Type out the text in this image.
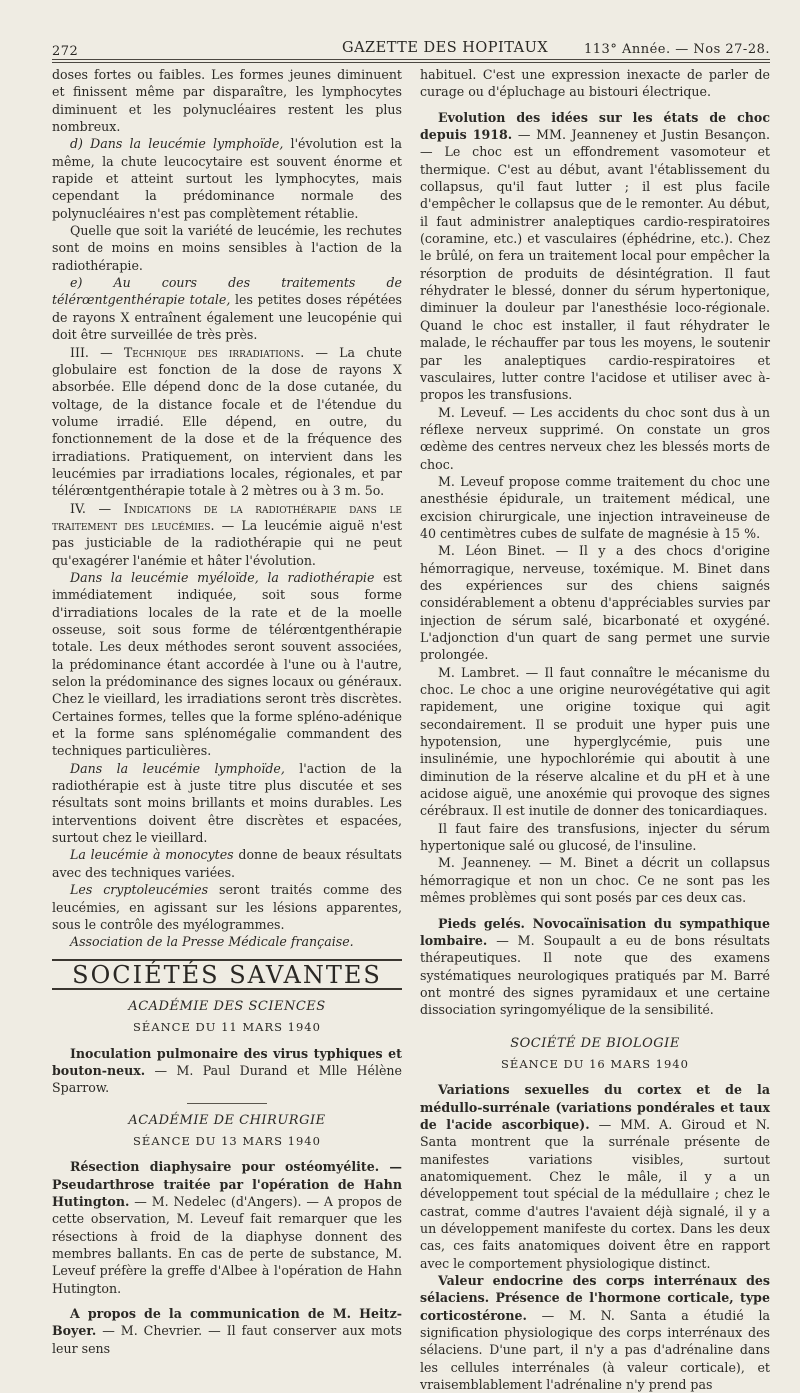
272	GAZETTE DES HOPITAUX	113° Année. — Nos 27-28.

doses fortes ou faibles. Les formes jeunes diminuent et finissent même par disparaître, les lymphocytes diminuent et les polynucléaires restent les plus nombreux.

d) Dans la leucémie lymphoïde, l'évolution est la même, la chute leucocytaire est souvent énorme et rapide et atteint surtout les lymphocytes, mais cependant la prédominance normale des polynucléaires n'est pas complètement rétablie.

Quelle que soit la variété de leucémie, les rechutes sont de moins en moins sensibles à l'action de la radiothérapie.

e) Au cours des traitements de télérœntgenthérapie totale, les petites doses répétées de rayons X entraînent également une leucopénie qui doit être surveillée de très près.

III. — Technique des irradiations. — La chute globulaire est fonction de la dose de rayons X absorbée. Elle dépend donc de la dose cutanée, du voltage, de la distance focale et de l'étendue du volume irradié. Elle dépend, en outre, du fonctionnement de la dose et de la fréquence des irradiations. Pratiquement, on intervient dans les leucémies par irradiations locales, régionales, et par télérœntgenthérapie totale à 2 mètres ou à 3 m. 5o.

IV. — Indications de la radiothérapie dans le traitement des leucémies. — La leucémie aiguë n'est pas justiciable de la radiothérapie qui ne peut qu'exagérer l'anémie et hâter l'évolution.

Dans la leucémie myéloïde, la radiothérapie est immédiatement indiquée, soit sous forme d'irradiations locales de la rate et de la moelle osseuse, soit sous forme de télérœntgenthérapie totale. Les deux méthodes seront souvent associées, la prédominance étant accordée à l'une ou à l'autre, selon la prédominance des signes locaux ou généraux. Chez le vieillard, les irradiations seront très discrètes. Certaines formes, telles que la forme spléno-adénique et la forme sans splénomégalie commandent des techniques particulières.

Dans la leucémie lymphoïde, l'action de la radiothérapie est à juste titre plus discutée et ses résultats sont moins brillants et moins durables. Les interventions doivent être discrètes et espacées, surtout chez le vieillard.

La leucémie à monocytes donne de beaux résultats avec des techniques variées.

Les cryptoleucémies seront traités comme des leucémies, en agissant sur les lésions apparentes, sous le contrôle des myélogrammes.

Association de la Presse Médicale française.

SOCIÉTÉS SAVANTES
ACADÉMIE DES SCIENCES
SÉANCE DU 11 MARS 1940

Inoculation pulmonaire des virus typhiques et bouton-neux. — M. Paul Durand et Mlle Hélène Sparrow.

ACADÉMIE DE CHIRURGIE
SÉANCE DU 13 MARS 1940

Résection diaphysaire pour ostéomyélite. — Pseudarthrose traitée par l'opération de Hahn Hutington. — M. Nedelec (d'Angers). — A propos de cette observation, M. Leveuf fait remarquer que les résections à froid de la diaphyse donnent des membres ballants. En cas de perte de substance, M. Leveuf préfère la greffe d'Albee à l'opération de Hahn Hutington.

A propos de la communication de M. Heitz-Boyer. — M. Chevrier. — Il faut conserver aux mots leur sens

habituel. C'est une expression inexacte de parler de curage ou d'épluchage au bistouri électrique.

Evolution des idées sur les états de choc depuis 1918. — MM. Jeanneney et Justin Besançon. — Le choc est un effondrement vasomoteur et thermique. C'est au début, avant l'établissement du collapsus, qu'il faut lutter ; il est plus facile d'empêcher le collapsus que de le remonter. Au début, il faut administrer analeptiques cardio-respiratoires (coramine, etc.) et vasculaires (éphédrine, etc.). Chez le brûlé, on fera un traitement local pour empêcher la résorption de produits de désintégration. Il faut réhydrater le blessé, donner du sérum hypertonique, diminuer la douleur par l'anesthésie loco-régionale. Quand le choc est installer, il faut réhydrater le malade, le réchauffer par tous les moyens, le soutenir par les analeptiques cardio-respiratoires et vasculaires, lutter contre l'acidose et utiliser avec à-propos les transfusions.

M. Leveuf. — Les accidents du choc sont dus à un réflexe nerveux supprimé. On constate un gros œdème des centres nerveux chez les blessés morts de choc.

M. Leveuf propose comme traitement du choc une anesthésie épidurale, un traitement médical, une excision chirurgicale, une injection intraveineuse de 40 centimètres cubes de sulfate de magnésie à 15 %.

M. Léon Binet. — Il y a des chocs d'origine hémorragique, nerveuse, toxémique. M. Binet dans des expériences sur des chiens saignés considérablement a obtenu d'appréciables survies par injection de sérum salé, bicarbonaté et oxygéné. L'adjonction d'un quart de sang permet une survie prolongée.

M. Lambret. — Il faut connaître le mécanisme du choc. Le choc a une origine neurovégétative qui agit rapidement, une origine toxique qui agit secondairement. Il se produit une hyper puis une hypotension, une hyperglycémie, puis une insulinémie, une hypochlorémie qui aboutit à une diminution de la réserve alcaline et du pH et à une acidose aiguë, une anoxémie qui provoque des signes cérébraux. Il est inutile de donner des tonicardiaques.

Il faut faire des transfusions, injecter du sérum hypertonique salé ou glucosé, de l'insuline.

M. Jeanneney. — M. Binet a décrit un collapsus hémorragique et non un choc. Ce ne sont pas les mêmes problèmes qui sont posés par ces deux cas.

Pieds gelés. Novocaïnisation du sympathique lombaire. — M. Soupault a eu de bons résultats thérapeutiques. Il note que des examens systématiques neurologiques pratiqués par M. Barré ont montré des signes pyramidaux et une certaine dissociation syringomyélique de la sensibilité.

SOCIÉTÉ DE BIOLOGIE
SÉANCE DU 16 MARS 1940

Variations sexuelles du cortex et de la médullo-surrénale (variations pondérales et taux de l'acide ascorbique). — MM. A. Giroud et N. Santa montrent que la surrénale présente de manifestes variations visibles, surtout anatomiquement. Chez le mâle, il y a un développement tout spécial de la médullaire ; chez le castrat, comme d'autres l'avaient déjà signalé, il y a un développement manifeste du cortex. Dans les deux cas, ces faits anatomiques doivent être en rapport avec le comportement physiologique distinct.

Valeur endocrine des corps interrénaux des sélaciens. Présence de l'hormone corticale, type corticostérone. — M. N. Santa a étudié la signification physiologique des corps interrénaux des sélaciens. D'une part, il n'y a pas d'adrénaline dans les cellules interrénales (à valeur corticale), et vraisemblablement l'adrénaline n'y prend pas
